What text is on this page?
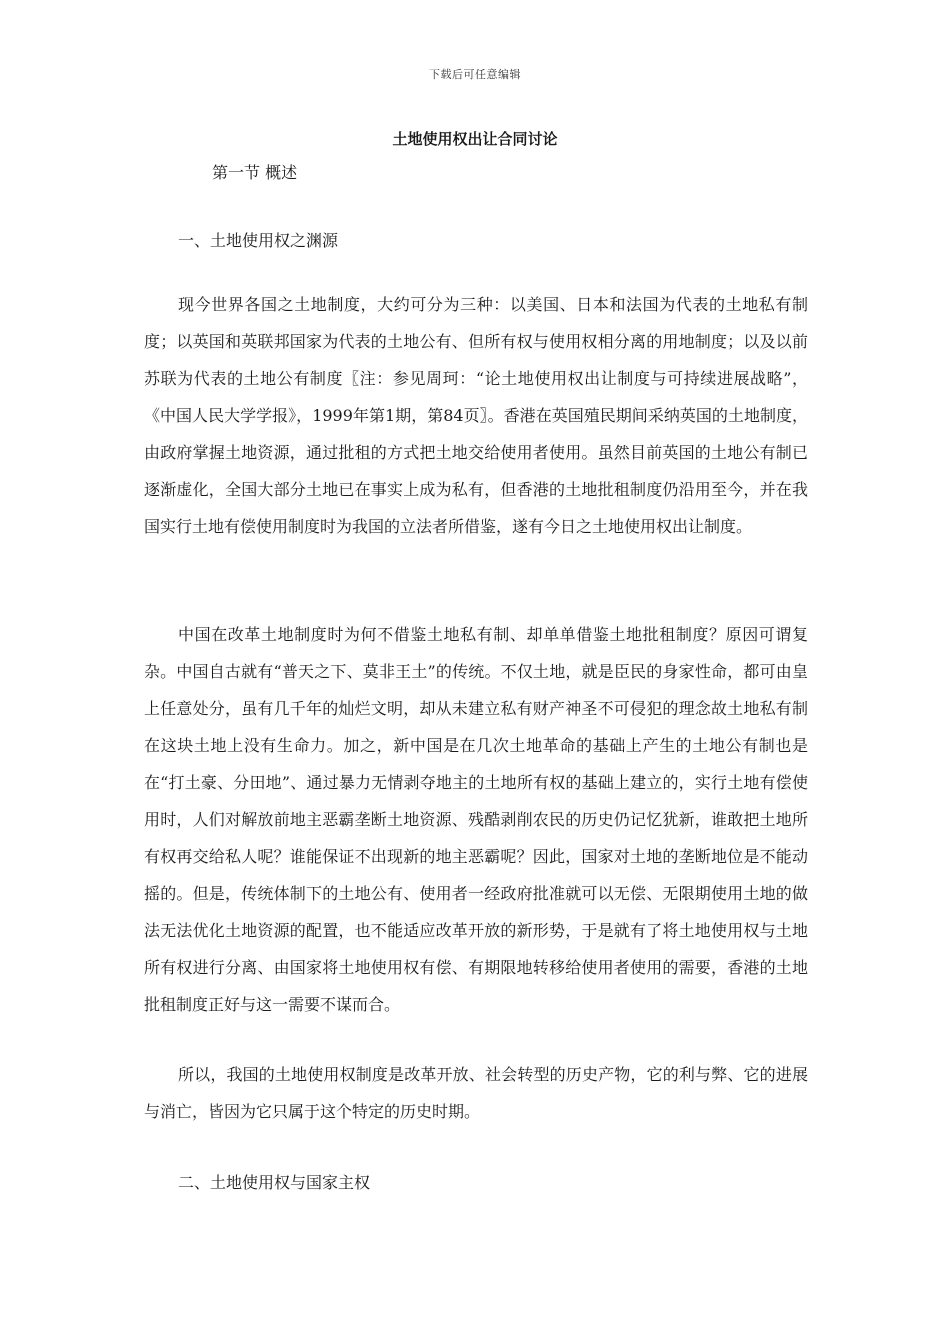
下载后可任意编辑
土地使用权出让合同讨论
第一节 概述
一、土地使用权之渊源

现今世界各国之土地制度，大约可分为三种：以美国、日本和法国为代表的土地私有制度；以英国和英联邦国家为代表的土地公有、但所有权与使用权相分离的用地制度；以及以前苏联为代表的土地公有制度〖注：参见周珂：“论土地使用权出让制度与可持续进展战略”，《中国人民大学学报》，1999年第1期，第84页〗。香港在英国殖民期间采纳英国的土地制度，由政府掌握土地资源，通过批租的方式把土地交给使用者使用。虽然目前英国的土地公有制已逐渐虚化，全国大部分土地已在事实上成为私有，但香港的土地批租制度仍沿用至今，并在我国实行土地有偿使用制度时为我国的立法者所借鉴，遂有今日之土地使用权出让制度。

中国在改革土地制度时为何不借鉴土地私有制、却单单借鉴土地批租制度？原因可谓复杂。中国自古就有“普天之下、莫非王土”的传统。不仅土地，就是臣民的身家性命，都可由皇上任意处分，虽有几千年的灿烂文明，却从未建立私有财产神圣不可侵犯的理念故土地私有制在这块土地上没有生命力。加之，新中国是在几次土地革命的基础上产生的土地公有制也是在“打土豪、分田地”、通过暴力无情剥夺地主的土地所有权的基础上建立的，实行土地有偿使用时，人们对解放前地主恶霸垄断土地资源、残酷剥削农民的历史仍记忆犹新，谁敢把土地所有权再交给私人呢？谁能保证不出现新的地主恶霸呢？因此，国家对土地的垄断地位是不能动摇的。但是，传统体制下的土地公有、使用者一经政府批准就可以无偿、无限期使用土地的做法无法优化土地资源的配置，也不能适应改革开放的新形势，于是就有了将土地使用权与土地所有权进行分离、由国家将土地使用权有偿、有期限地转移给使用者使用的需要，香港的土地批租制度正好与这一需要不谋而合。

所以，我国的土地使用权制度是改革开放、社会转型的历史产物，它的利与弊、它的进展与消亡，皆因为它只属于这个特定的历史时期。

二、土地使用权与国家主权
